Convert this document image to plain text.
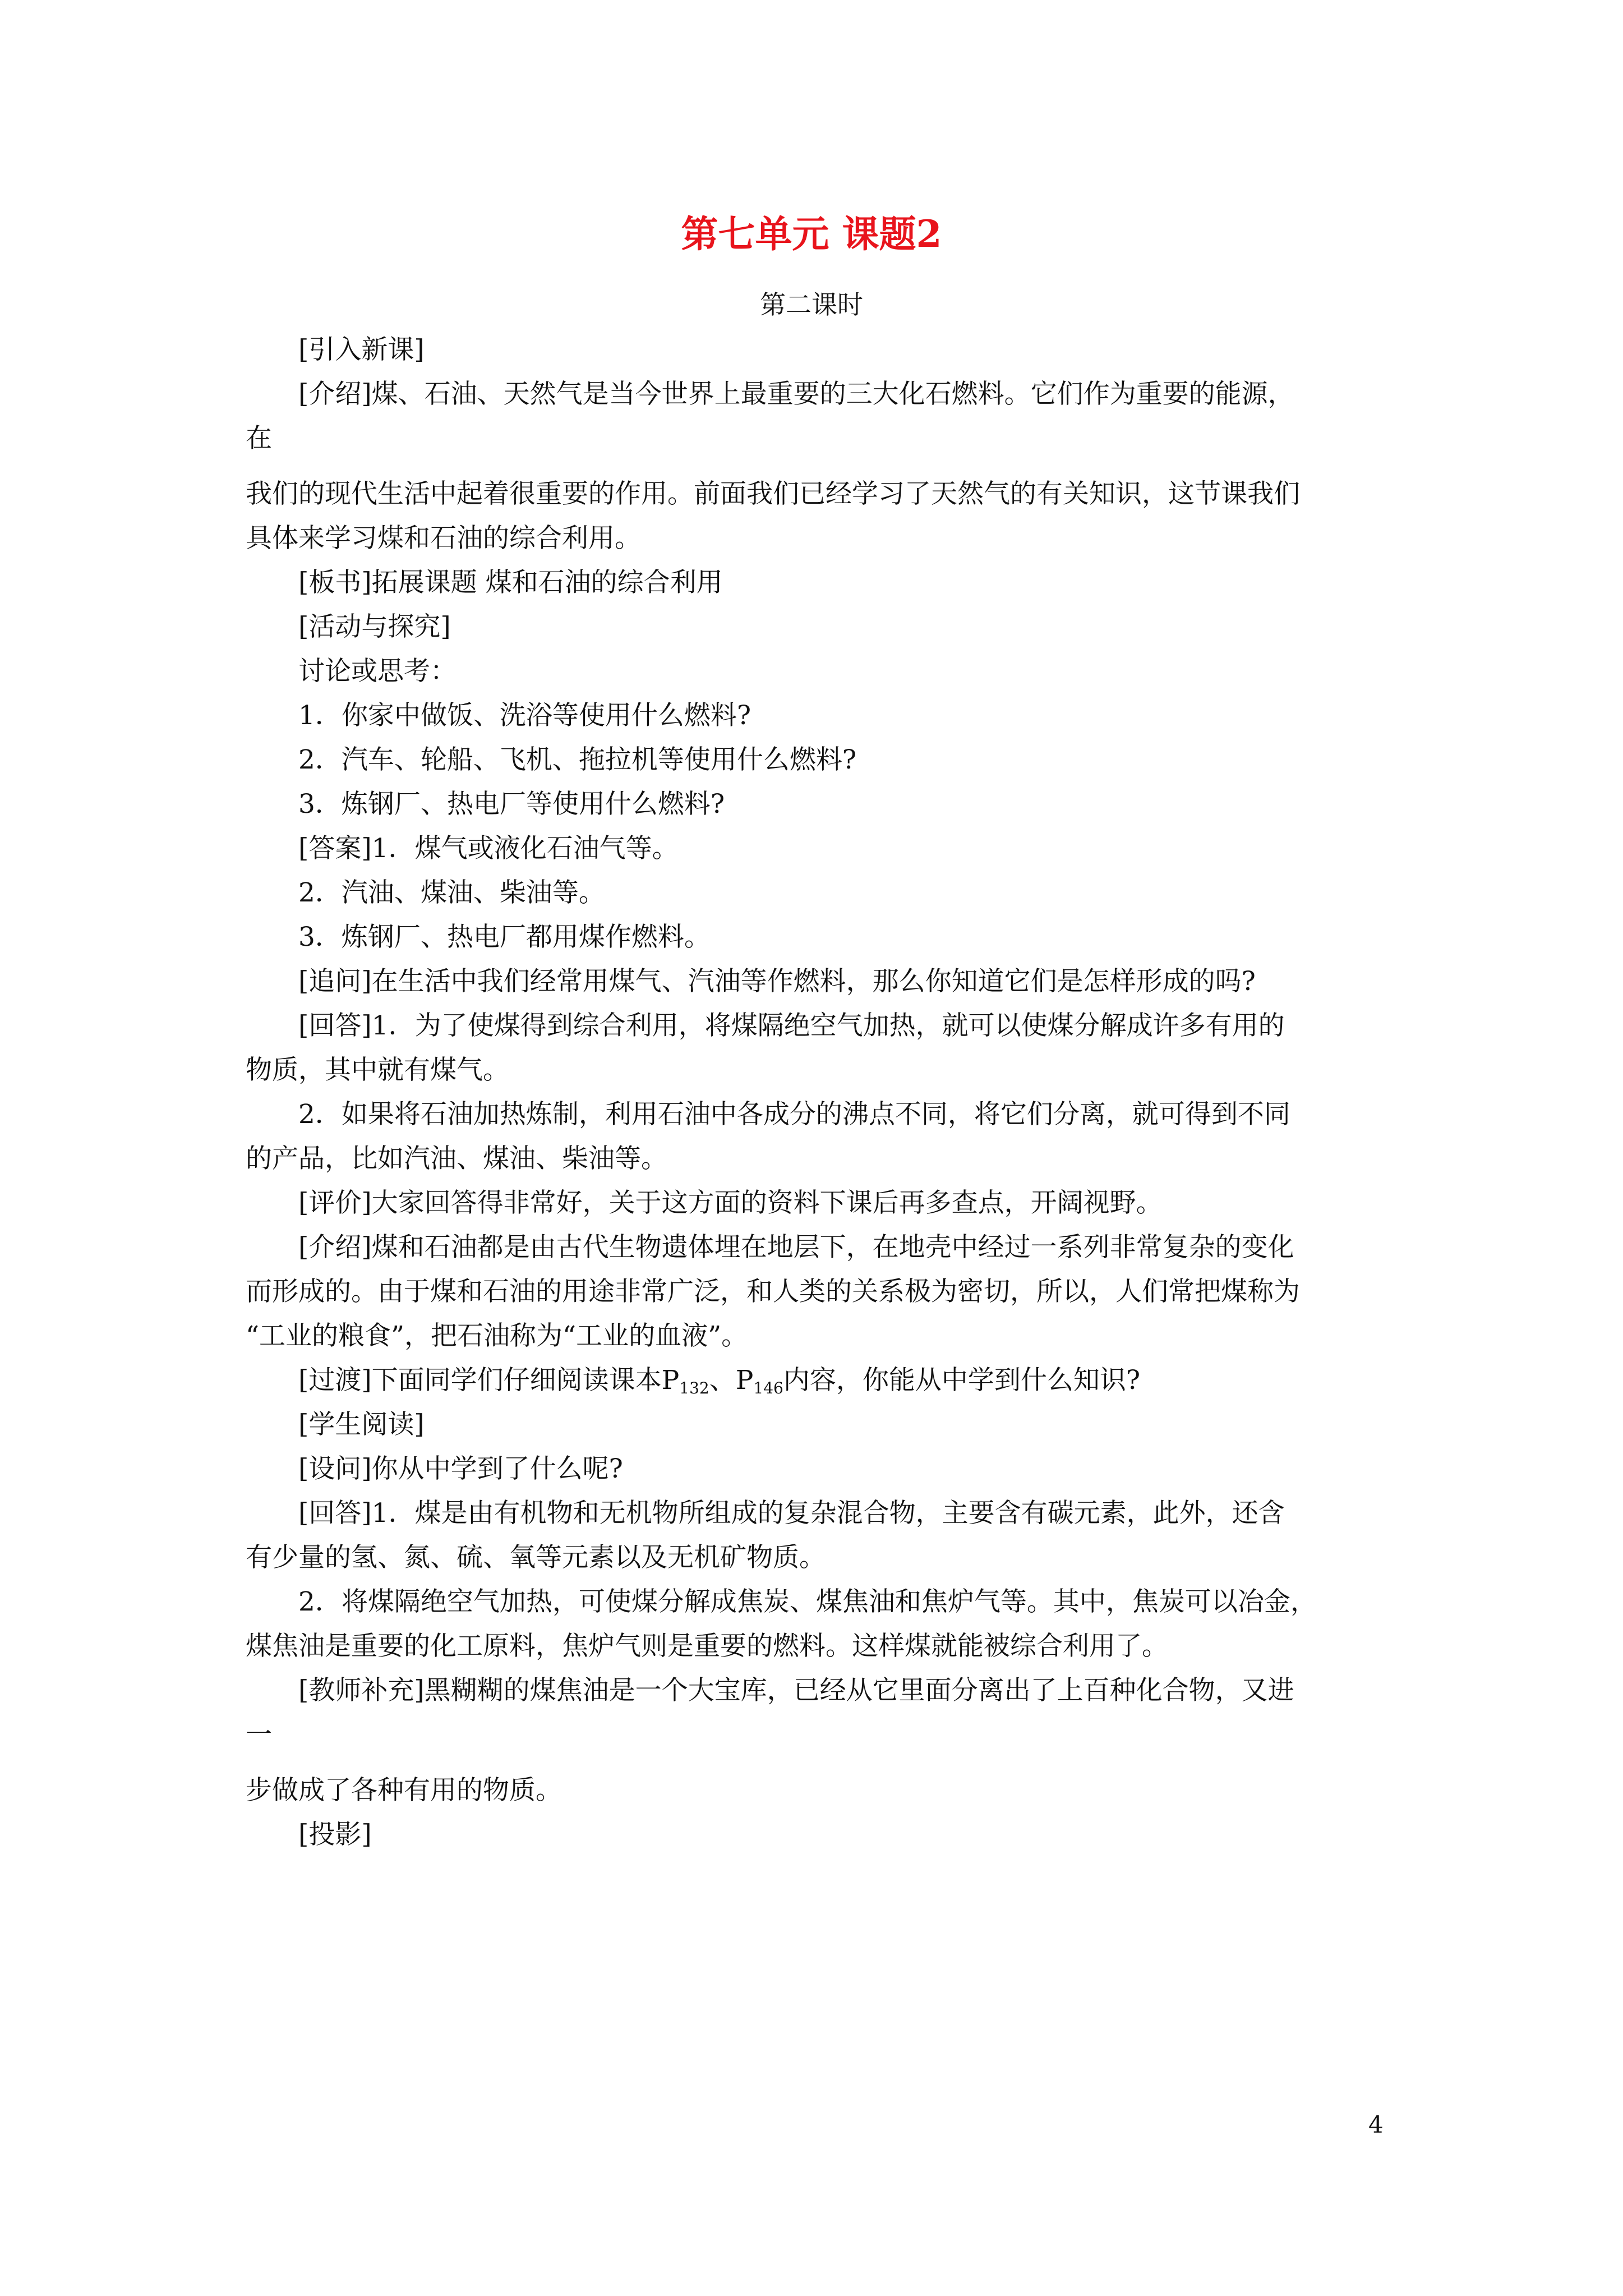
第七单元 课题2
第二课时
[引入新课]
[介绍]煤、石油、天然气是当今世界上最重要的三大化石燃料。它们作为重要的能源，
在
我们的现代生活中起着很重要的作用。前面我们已经学习了天然气的有关知识，这节课我们
具体来学习煤和石油的综合利用。
[板书]拓展课题 煤和石油的综合利用
[活动与探究]
讨论或思考：
1．你家中做饭、洗浴等使用什么燃料?
2．汽车、轮船、飞机、拖拉机等使用什么燃料?
3．炼钢厂、热电厂等使用什么燃料?
[答案]1．煤气或液化石油气等。
2．汽油、煤油、柴油等。
3．炼钢厂、热电厂都用煤作燃料。
[追问]在生活中我们经常用煤气、汽油等作燃料，那么你知道它们是怎样形成的吗?
[回答]1．为了使煤得到综合利用，将煤隔绝空气加热，就可以使煤分解成许多有用的
物质，其中就有煤气。
2．如果将石油加热炼制，利用石油中各成分的沸点不同，将它们分离，就可得到不同
的产品，比如汽油、煤油、柴油等。
[评价]大家回答得非常好，关于这方面的资料下课后再多查点，开阔视野。
[介绍]煤和石油都是由古代生物遗体埋在地层下，在地壳中经过一系列非常复杂的变化
而形成的。由于煤和石油的用途非常广泛，和人类的关系极为密切，所以，人们常把煤称为
“工业的粮食”，把石油称为“工业的血液”。
[过渡]下面同学们仔细阅读课本$P_{132}$、$P_{146}$内容，你能从中学到什么知识?
[学生阅读]
[设问]你从中学到了什么呢?
[回答]1．煤是由有机物和无机物所组成的复杂混合物，主要含有碳元素，此外，还含
有少量的氢、氮、硫、氧等元素以及无机矿物质。
2．将煤隔绝空气加热，可使煤分解成焦炭、煤焦油和焦炉气等。其中，焦炭可以冶金，
煤焦油是重要的化工原料，焦炉气则是重要的燃料。这样煤就能被综合利用了。
[教师补充]黑糊糊的煤焦油是一个大宝库，已经从它里面分离出了上百种化合物，又进
一
步做成了各种有用的物质。
[投影]
4
